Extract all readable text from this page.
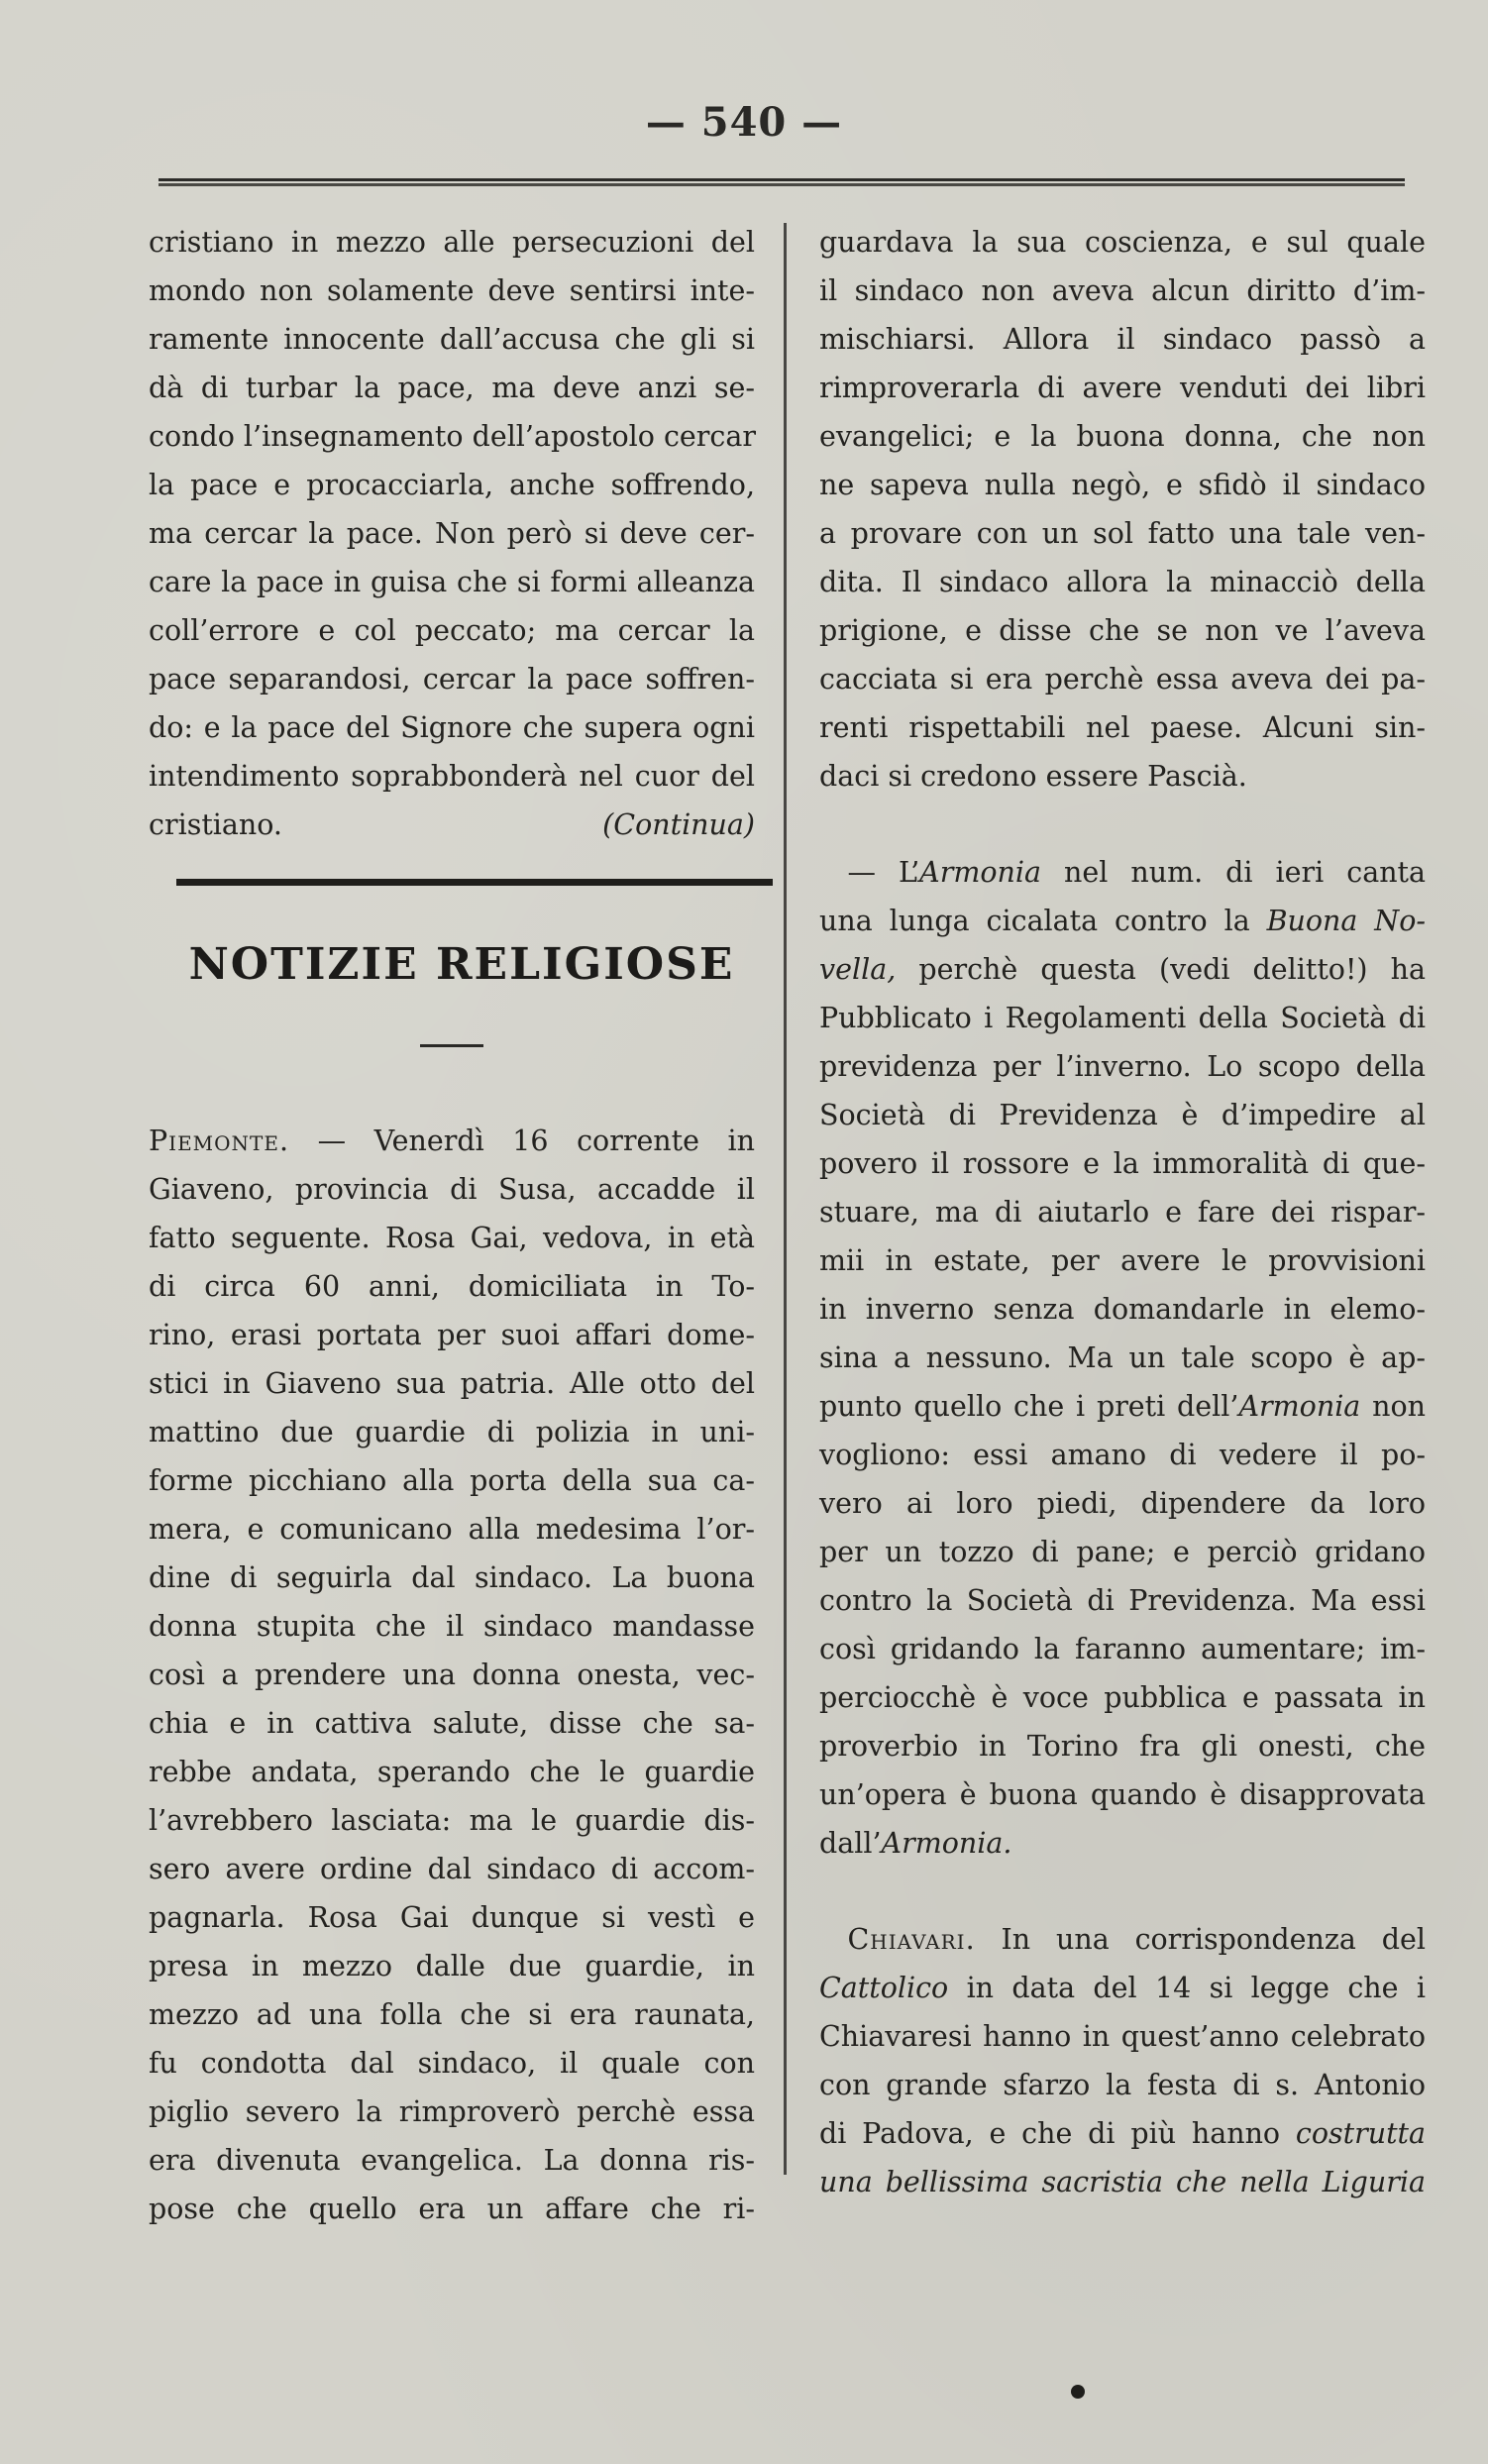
— 540 —

cristiano in mezzo alle persecuzioni del

mondo non solamente deve sentirsi inte-

ramente innocente dall’accusa che gli si

dà di turbar la pace, ma deve anzi se-

condo l’insegnamento dell’apostolo cercar

la pace e procacciarla, anche soffrendo,

ma cercar la pace. Non però si deve cer-

care la pace in guisa che si formi alleanza

coll’errore e col peccato; ma cercar la

pace separandosi, cercar la pace soffren-

do: e la pace del Signore che supera ogni

intendimento soprabbonderà nel cuor del

cristiano.	(Continua)
NOTIZIE RELIGIOSE

Piemonte. — Venerdì 16 corrente in

Giaveno, provincia di Susa, accadde il

fatto seguente. Rosa Gai, vedova, in età

di circa 60 anni, domiciliata in To-

rino, erasi portata per suoi affari dome-

stici in Giaveno sua patria. Alle otto del

mattino due guardie di polizia in uni-

forme picchiano alla porta della sua ca-

mera, e comunicano alla medesima l’or-

dine di seguirla dal sindaco. La buona

donna stupita che il sindaco mandasse

così a prendere una donna onesta, vec-

chia e in cattiva salute, disse che sa-

rebbe andata, sperando che le guardie

l’avrebbero lasciata: ma le guardie dis-

sero avere ordine dal sindaco di accom-

pagnarla. Rosa Gai dunque si vestì e

presa in mezzo dalle due guardie, in

mezzo ad una folla che si era raunata,

fu condotta dal sindaco, il quale con

piglio severo la rimproverò perchè essa

era divenuta evangelica. La donna ris-

pose che quello era un affare che ri-

guardava la sua coscienza, e sul quale

il sindaco non aveva alcun diritto d’im-

mischiarsi. Allora il sindaco passò a

rimproverarla di avere venduti dei libri

evangelici; e la buona donna, che non

ne sapeva nulla negò, e sfidò il sindaco

a provare con un sol fatto una tale ven-

dita. Il sindaco allora la minacciò della

prigione, e disse che se non ve l’aveva

cacciata si era perchè essa aveva dei pa-

renti rispettabili nel paese. Alcuni sin-

daci si credono essere Pascià.

 — L’Armonia nel num. di ieri canta

una lunga cicalata contro la Buona No-

vella, perchè questa (vedi delitto!) ha

Pubblicato i Regolamenti della Società di

previdenza per l’inverno. Lo scopo della

Società di Previdenza è d’impedire al

povero il rossore e la immoralità di que-

stuare, ma di aiutarlo e fare dei rispar-

mii in estate, per avere le provvisioni

in inverno senza domandarle in elemo-

sina a nessuno. Ma un tale scopo è ap-

punto quello che i preti dell’Armonia non

vogliono: essi amano di vedere il po-

vero ai loro piedi, dipendere da loro

per un tozzo di pane; e perciò gridano

contro la Società di Previdenza. Ma essi

così gridando la faranno aumentare; im-

perciocchè è voce pubblica e passata in

proverbio in Torino fra gli onesti, che

un’opera è buona quando è disapprovata

dall’Armonia.

 Chiavari. In una corrispondenza del

Cattolico in data del 14 si legge che i

Chiavaresi hanno in quest’anno celebrato

con grande sfarzo la festa di s. Antonio

di Padova, e che di più hanno costrutta

una bellissima sacristia che nella Liguria
